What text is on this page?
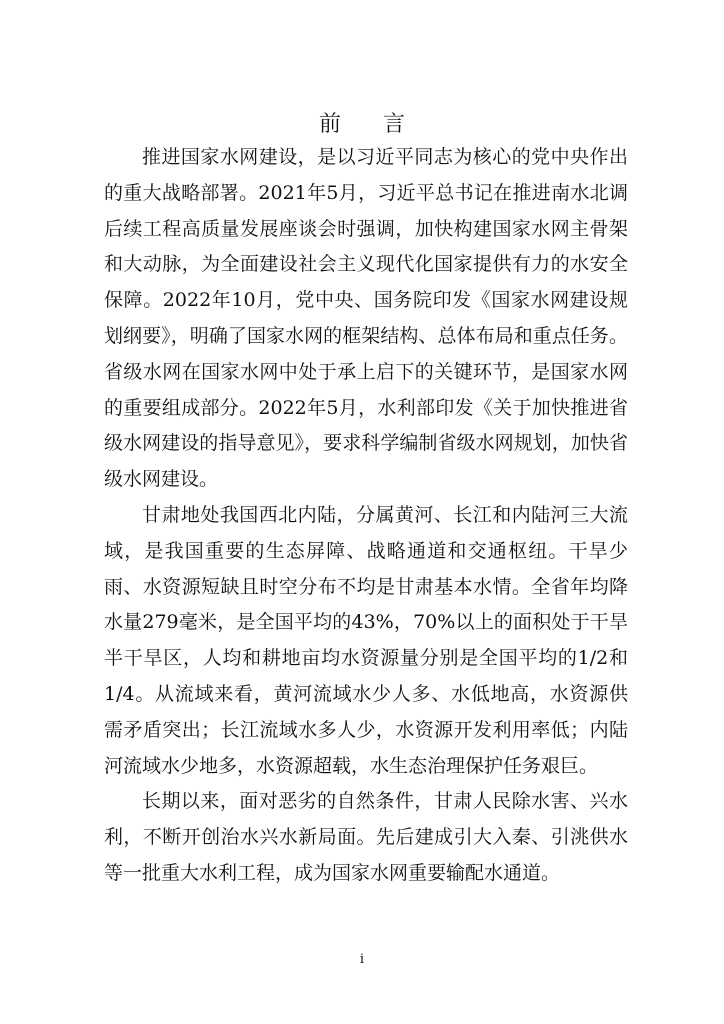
前 言

推进国家水网建设，是以习近平同志为核心的党中央作出的重大战略部署。2021年5月，习近平总书记在推进南水北调后续工程高质量发展座谈会时强调，加快构建国家水网主骨架和大动脉，为全面建设社会主义现代化国家提供有力的水安全保障。2022年10月，党中央、国务院印发《国家水网建设规划纲要》，明确了国家水网的框架结构、总体布局和重点任务。省级水网在国家水网中处于承上启下的关键环节，是国家水网的重要组成部分。2022年5月，水利部印发《关于加快推进省级水网建设的指导意见》，要求科学编制省级水网规划，加快省级水网建设。

甘肃地处我国西北内陆，分属黄河、长江和内陆河三大流域，是我国重要的生态屏障、战略通道和交通枢纽。干旱少雨、水资源短缺且时空分布不均是甘肃基本水情。全省年均降水量279毫米，是全国平均的43%，70%以上的面积处于干旱半干旱区，人均和耕地亩均水资源量分别是全国平均的1/2和1/4。从流域来看，黄河流域水少人多、水低地高，水资源供需矛盾突出；长江流域水多人少，水资源开发利用率低；内陆河流域水少地多，水资源超载，水生态治理保护任务艰巨。

长期以来，面对恶劣的自然条件，甘肃人民除水害、兴水利，不断开创治水兴水新局面。先后建成引大入秦、引洮供水等一批重大水利工程，成为国家水网重要输配水通道。

i
